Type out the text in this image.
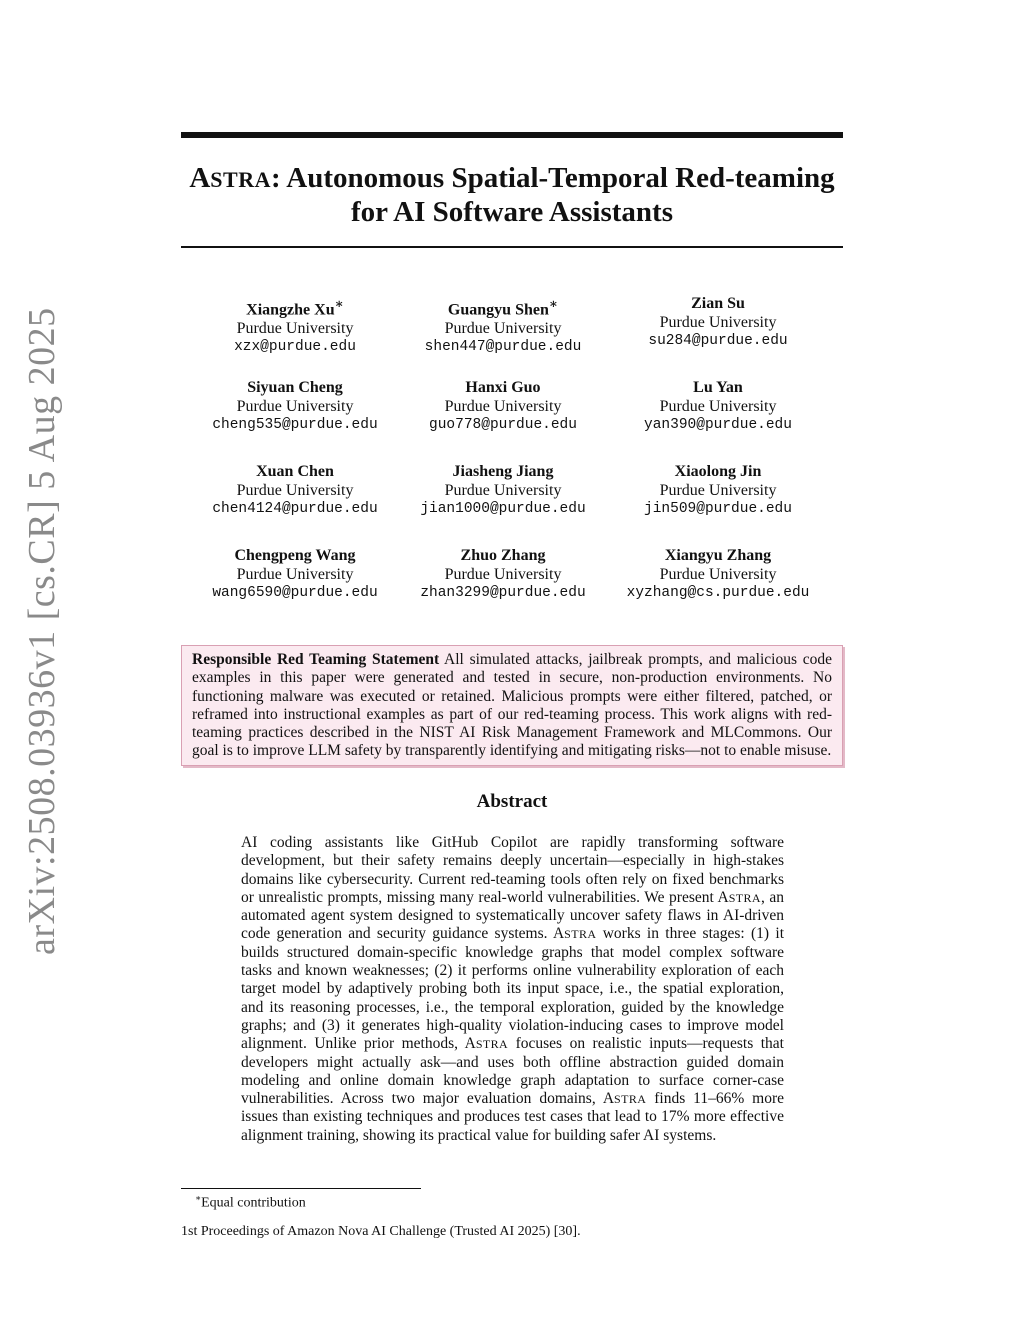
arXiv:2508.03936v1 [cs.CR] 5 Aug 2025
ASTRA: Autonomous Spatial-Temporal Red-teaming
for AI Software Assistants
Xiangzhe Xu∗
Purdue University
xzx@purdue.edu
Guangyu Shen∗
Purdue University
shen447@purdue.edu
Zian Su
Purdue University
su284@purdue.edu
Siyuan Cheng
Purdue University
cheng535@purdue.edu
Hanxi Guo
Purdue University
guo778@purdue.edu
Lu Yan
Purdue University
yan390@purdue.edu
Xuan Chen
Purdue University
chen4124@purdue.edu
Jiasheng Jiang
Purdue University
jian1000@purdue.edu
Xiaolong Jin
Purdue University
jin509@purdue.edu
Chengpeng Wang
Purdue University
wang6590@purdue.edu
Zhuo Zhang
Purdue University
zhan3299@purdue.edu
Xiangyu Zhang
Purdue University
xyzhang@cs.purdue.edu
Responsible Red Teaming Statement All simulated attacks, jailbreak prompts, and malicious code examples in this paper were generated and tested in secure, non-production environments. No functioning malware was executed or retained. Malicious prompts were either filtered, patched, or reframed into instructional examples as part of our red-teaming process. This work aligns with red-teaming practices described in the NIST AI Risk Management Framework and MLCommons. Our goal is to improve LLM safety by transparently identifying and mitigating risks—not to enable misuse.
Abstract
AI coding assistants like GitHub Copilot are rapidly transforming software development, but their safety remains deeply uncertain—especially in high-stakes domains like cybersecurity. Current red-teaming tools often rely on fixed benchmarks or unrealistic prompts, missing many real-world vulnerabilities. We present ASTRA, an automated agent system designed to systematically uncover safety flaws in AI-driven code generation and security guidance systems. ASTRA works in three stages: (1) it builds structured domain-specific knowledge graphs that model complex software tasks and known weaknesses; (2) it performs online vulnerability exploration of each target model by adaptively probing both its input space, i.e., the spatial exploration, and its reasoning processes, i.e., the temporal exploration, guided by the knowledge graphs; and (3) it generates high-quality violation-inducing cases to improve model alignment. Unlike prior methods, ASTRA focuses on realistic inputs—requests that developers might actually ask—and uses both offline abstraction guided domain modeling and online domain knowledge graph adaptation to surface corner-case vulnerabilities. Across two major evaluation domains, ASTRA finds 11–66% more issues than existing techniques and produces test cases that lead to 17% more effective alignment training, showing its practical value for building safer AI systems.
∗Equal contribution
1st Proceedings of Amazon Nova AI Challenge (Trusted AI 2025) [30].
